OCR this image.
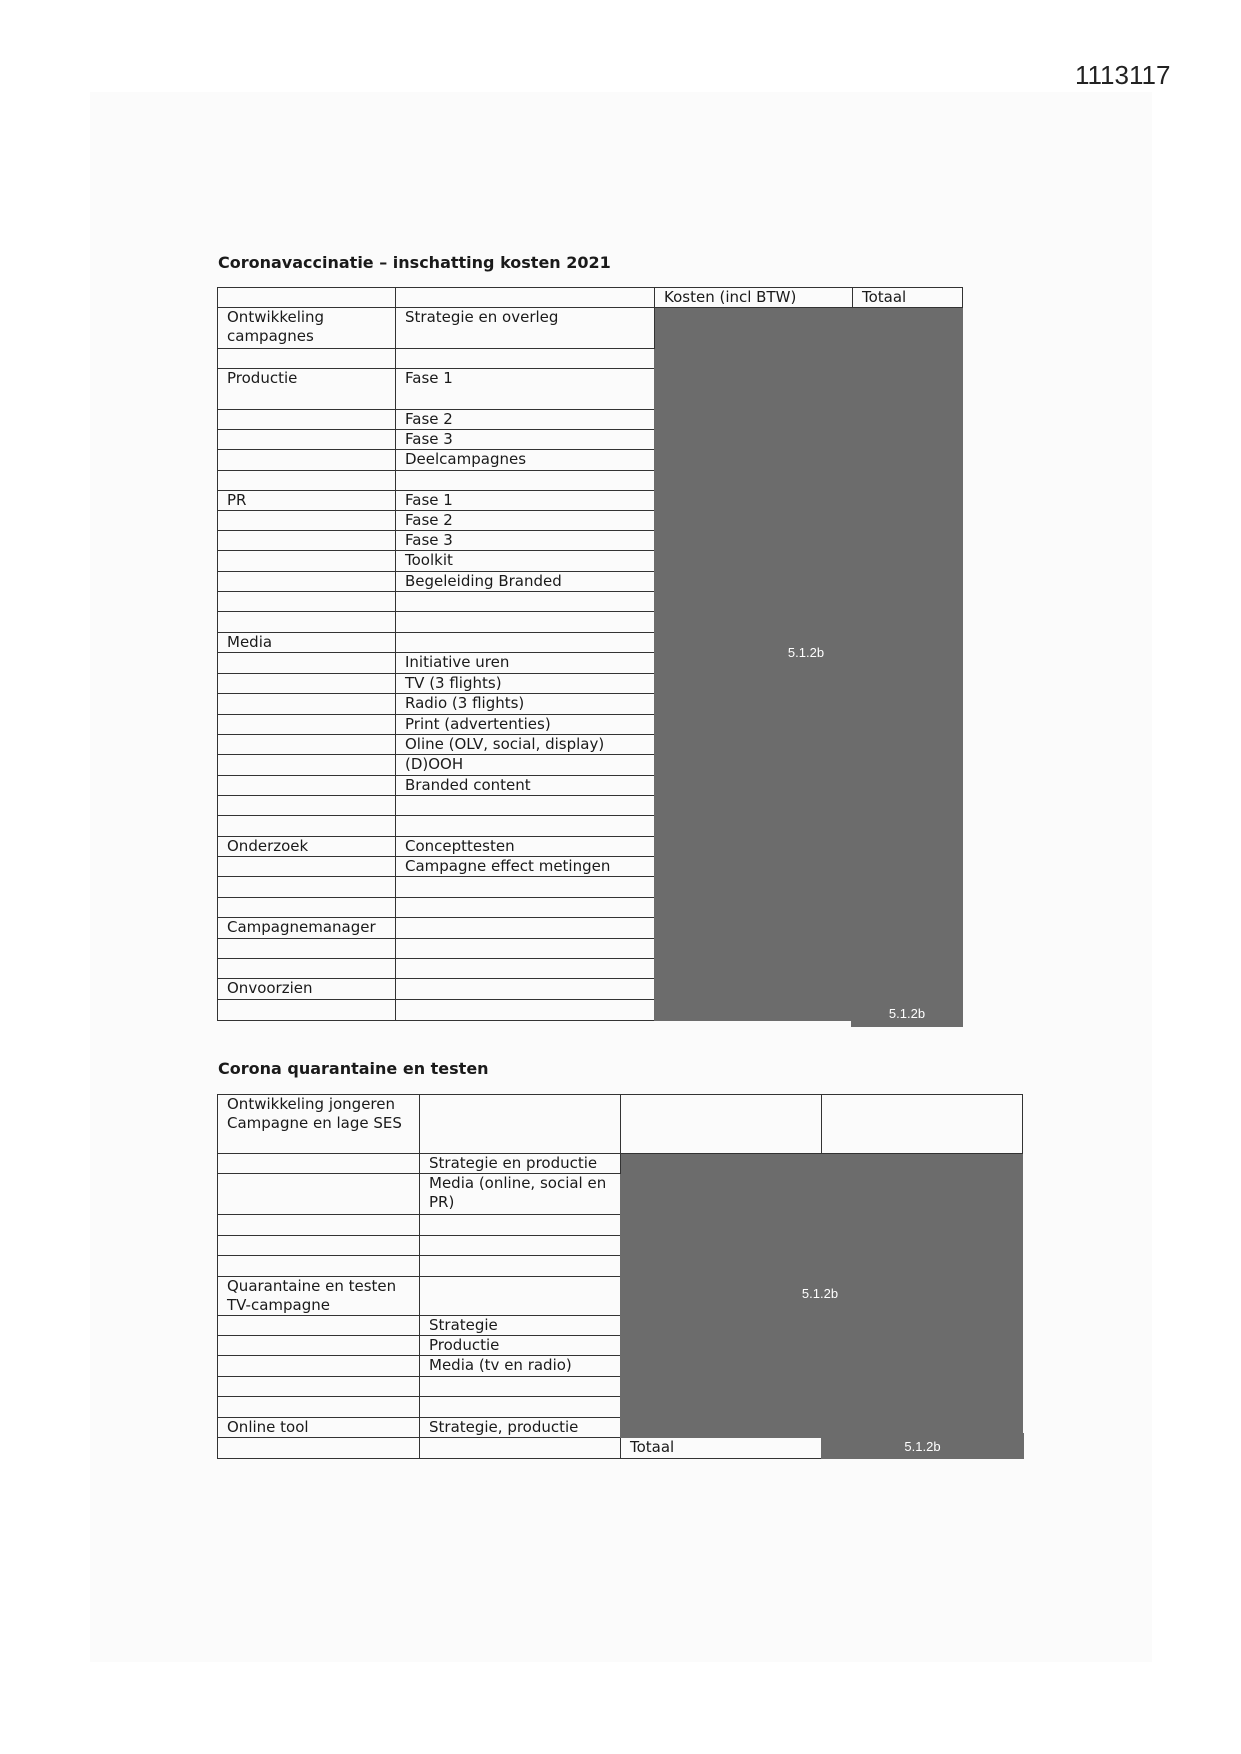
1113117
Coronavaccinatie – inschatting kosten 2021
		Kosten (incl BTW)	Totaal	
Ontwikkeling campagnes	Strategie en overleg			

Productie	Fase 1			
	Fase 2			
	Fase 3			
	Deelcampagnes			

PR	Fase 1			
	Fase 2			
	Fase 3			
	Toolkit			
	Begeleiding Branded			

Media				
	Initiative uren			
	TV (3 flights)			
	Radio (3 flights)			
	Print (advertenties)			
	Oline (OLV, social, display)			
	(D)OOH			
	Branded content			

Onderzoek	Concepttesten			
	Campagne effect metingen			

Campagnemanager				

Onvoorzien				

5.1.2b
5.1.2b
Corona quarantaine en testen
Ontwikkeling jongeren Campagne en lage SES			
	Strategie en productie		
	Media (online, social en PR)		

Quarantaine en testen TV-campagne			
	Strategie		
	Productie		
	Media (tv en radio)		

Online tool	Strategie, productie		
		Totaal	
5.1.2b
5.1.2b
